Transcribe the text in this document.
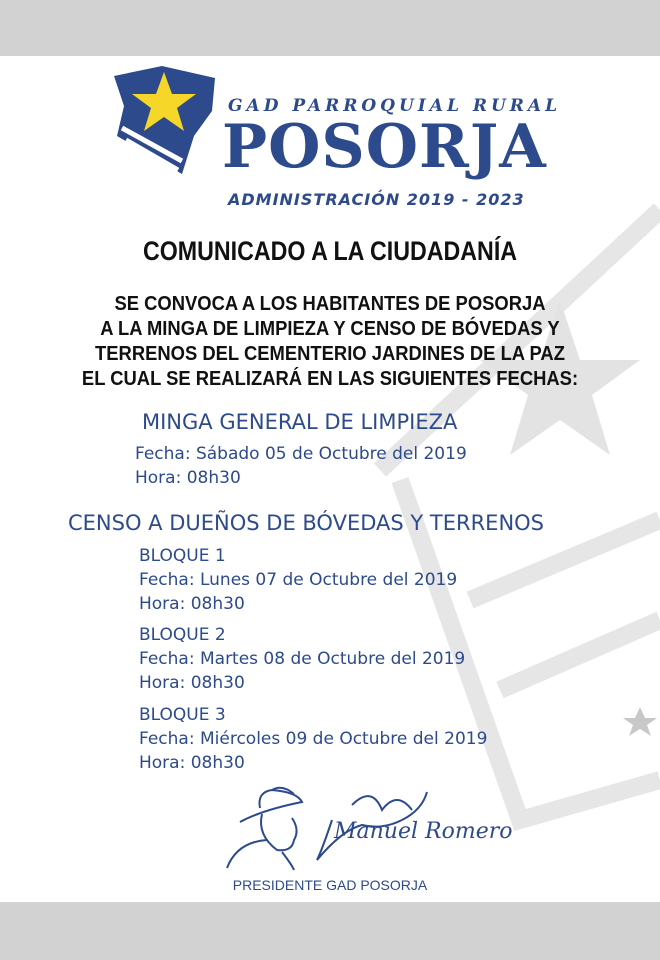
GAD PARROQUIAL RURAL
POSORJA
ADMINISTRACIÓN 2019 - 2023
COMUNICADO A LA CIUDADANÍA
SE CONVOCA A LOS HABITANTES DE POSORJA
A LA MINGA DE LIMPIEZA Y CENSO DE BÓVEDAS Y
TERRENOS DEL CEMENTERIO JARDINES DE LA PAZ
EL CUAL SE REALIZARÁ EN LAS SIGUIENTES FECHAS:
MINGA GENERAL DE LIMPIEZA
Fecha: Sábado 05 de Octubre del 2019
Hora: 08h30
CENSO A DUEÑOS DE BÓVEDAS Y TERRENOS
BLOQUE 1
Fecha: Lunes 07 de Octubre del 2019
Hora: 08h30
BLOQUE 2
Fecha: Martes 08 de Octubre del 2019
Hora: 08h30
BLOQUE 3
Fecha: Miércoles 09 de Octubre del 2019
Hora: 08h30
Manuel Romero
PRESIDENTE GAD POSORJA
